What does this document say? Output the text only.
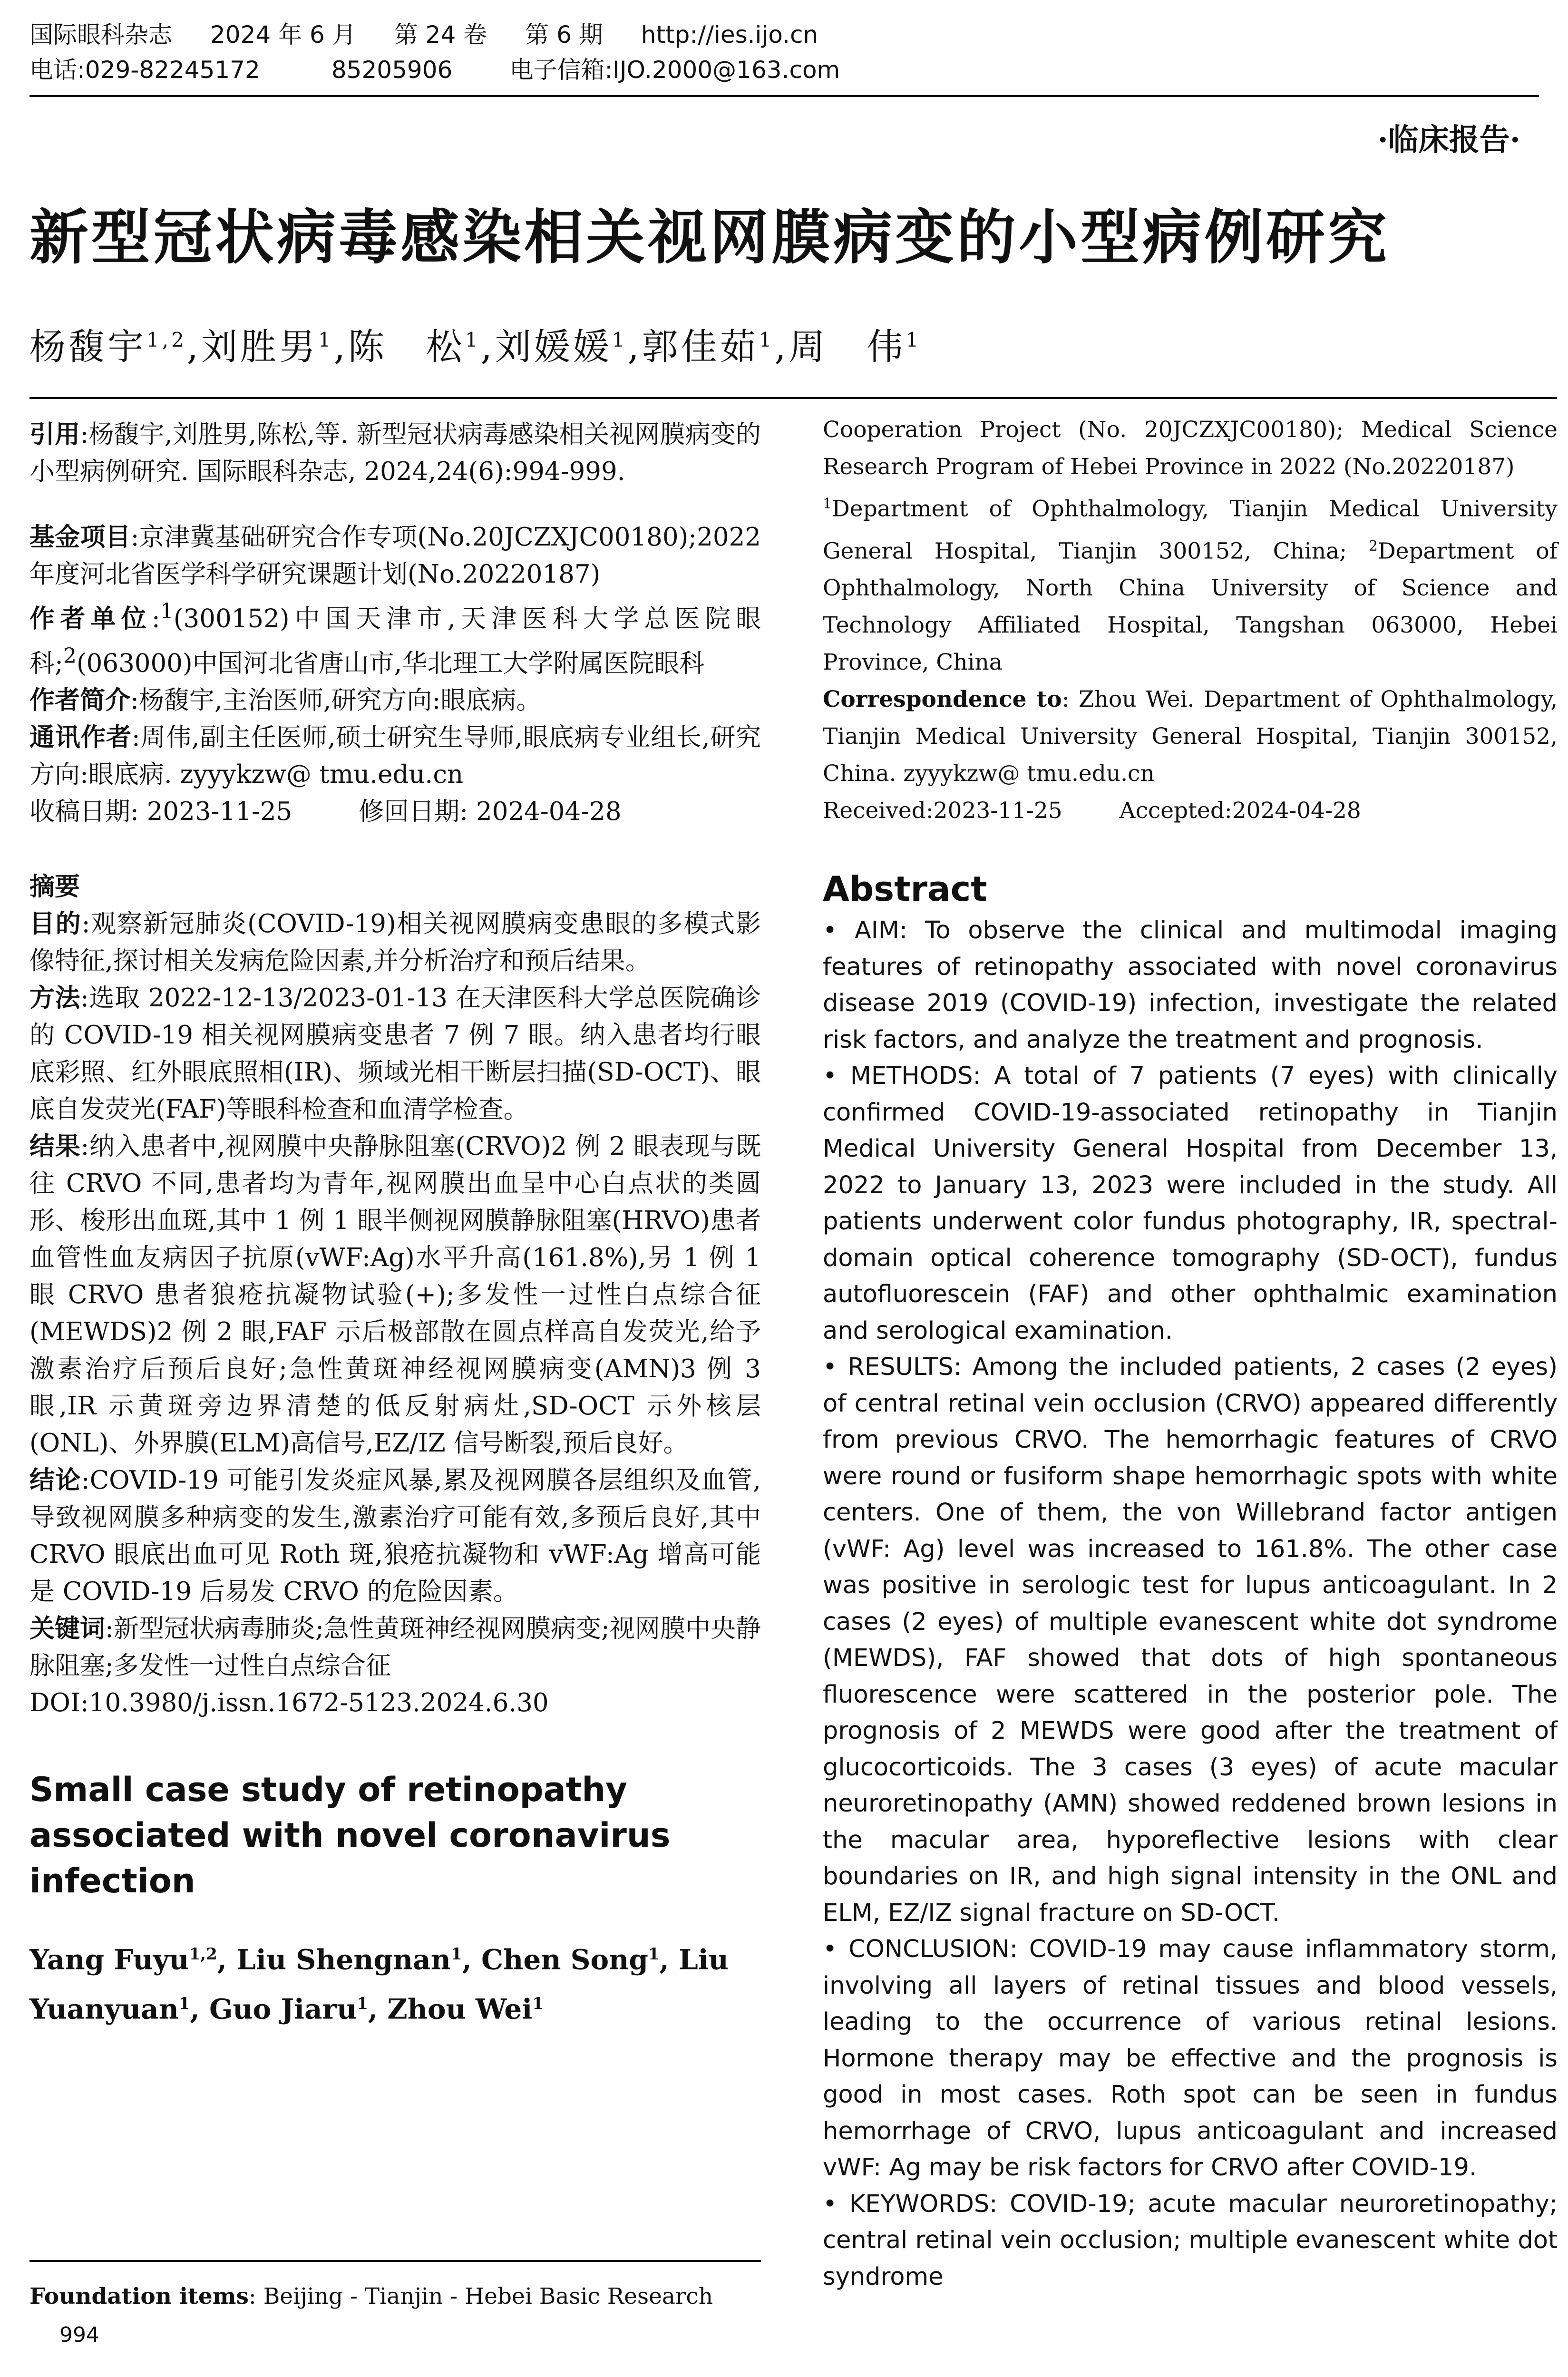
国际眼科杂志 2024 年 6 月 第 24 卷 第 6 期 http://ies.ijo.cn
电话:029-82245172	85205906 电子信箱:IJO.2000@163.com
·临床报告·
新型冠状病毒感染相关视网膜病变的小型病例研究
杨馥宇$^{1,2}$,刘胜男$^1$,陈　松$^1$,刘媛媛$^1$,郭佳茹$^1$,周　伟$^1$

引用:杨馥宇,刘胜男,陈松,等. 新型冠状病毒感染相关视网膜病变的小型病例研究. 国际眼科杂志, 2024,24(6):994-999.

基金项目:京津冀基础研究合作专项(No.20JCZXJC00180);2022 年度河北省医学科学研究课题计划(No.20220187)

作者单位:$^1$(300152)中国天津市,天津医科大学总医院眼科;$^2$(063000)中国河北省唐山市,华北理工大学附属医院眼科

作者简介:杨馥宇,主治医师,研究方向:眼底病。

通讯作者:周伟,副主任医师,硕士研究生导师,眼底病专业组长,研究方向:眼底病. zyyykzw@ tmu.edu.cn

收稿日期: 2023-11-25	修回日期: 2024-04-28

摘要

目的:观察新冠肺炎(COVID-19)相关视网膜病变患眼的多模式影像特征,探讨相关发病危险因素,并分析治疗和预后结果。

方法:选取 2022-12-13/2023-01-13 在天津医科大学总医院确诊的 COVID-19 相关视网膜病变患者 7 例 7 眼。纳入患者均行眼底彩照、红外眼底照相(IR)、频域光相干断层扫描(SD-OCT)、眼底自发荧光(FAF)等眼科检查和血清学检查。

结果:纳入患者中,视网膜中央静脉阻塞(CRVO)2 例 2 眼表现与既往 CRVO 不同,患者均为青年,视网膜出血呈中心白点状的类圆形、梭形出血斑,其中 1 例 1 眼半侧视网膜静脉阻塞(HRVO)患者血管性血友病因子抗原(vWF:Ag)水平升高(161.8%),另 1 例 1 眼 CRVO 患者狼疮抗凝物试验(+);多发性一过性白点综合征(MEWDS)2 例 2 眼,FAF 示后极部散在圆点样高自发荧光,给予激素治疗后预后良好;急性黄斑神经视网膜病变(AMN)3 例 3 眼,IR 示黄斑旁边界清楚的低反射病灶,SD-OCT 示外核层(ONL)、外界膜(ELM)高信号,EZ/IZ 信号断裂,预后良好。

结论:COVID-19 可能引发炎症风暴,累及视网膜各层组织及血管,导致视网膜多种病变的发生,激素治疗可能有效,多预后良好,其中 CRVO 眼底出血可见 Roth 斑,狼疮抗凝物和 vWF:Ag 增高可能是 COVID-19 后易发 CRVO 的危险因素。

关键词:新型冠状病毒肺炎;急性黄斑神经视网膜病变;视网膜中央静脉阻塞;多发性一过性白点综合征

DOI:10.3980/j.issn.1672-5123.2024.6.30

Small case study of retinopathy associated with novel coronavirus infection

Yang Fuyu$^{1,2}$, Liu Shengnan$^1$, Chen Song$^1$, Liu Yuanyuan$^1$, Guo Jiaru$^1$, Zhou Wei$^1$

Foundation items: Beijing - Tianjin - Hebei Basic Research
994

Cooperation Project (No. 20JCZXJC00180); Medical Science Research Program of Hebei Province in 2022 (No.20220187)

$^1$Department of Ophthalmology, Tianjin Medical University General Hospital, Tianjin 300152, China; $^2$Department of Ophthalmology, North China University of Science and Technology Affiliated Hospital, Tangshan 063000, Hebei Province, China

Correspondence to: Zhou Wei. Department of Ophthalmology, Tianjin Medical University General Hospital, Tianjin 300152, China. zyyykzw@ tmu.edu.cn

Received:2023-11-25	Accepted:2024-04-28

Abstract

• AIM: To observe the clinical and multimodal imaging features of retinopathy associated with novel coronavirus disease 2019 (COVID-19) infection, investigate the related risk factors, and analyze the treatment and prognosis.

• METHODS: A total of 7 patients (7 eyes) with clinically confirmed COVID-19-associated retinopathy in Tianjin Medical University General Hospital from December 13, 2022 to January 13, 2023 were included in the study. All patients underwent color fundus photography, IR, spectral-domain optical coherence tomography (SD-OCT), fundus autofluorescein (FAF) and other ophthalmic examination and serological examination.

• RESULTS: Among the included patients, 2 cases (2 eyes) of central retinal vein occlusion (CRVO) appeared differently from previous CRVO. The hemorrhagic features of CRVO were round or fusiform shape hemorrhagic spots with white centers. One of them, the von Willebrand factor antigen (vWF: Ag) level was increased to 161.8%. The other case was positive in serologic test for lupus anticoagulant. In 2 cases (2 eyes) of multiple evanescent white dot syndrome (MEWDS), FAF showed that dots of high spontaneous fluorescence were scattered in the posterior pole. The prognosis of 2 MEWDS were good after the treatment of glucocorticoids. The 3 cases (3 eyes) of acute macular neuroretinopathy (AMN) showed reddened brown lesions in the macular area, hyporeflective lesions with clear boundaries on IR, and high signal intensity in the ONL and ELM, EZ/IZ signal fracture on SD-OCT.

• CONCLUSION: COVID-19 may cause inflammatory storm, involving all layers of retinal tissues and blood vessels, leading to the occurrence of various retinal lesions. Hormone therapy may be effective and the prognosis is good in most cases. Roth spot can be seen in fundus hemorrhage of CRVO, lupus anticoagulant and increased vWF: Ag may be risk factors for CRVO after COVID-19.

• KEYWORDS: COVID-19; acute macular neuroretinopathy; central retinal vein occlusion; multiple evanescent white dot syndrome
